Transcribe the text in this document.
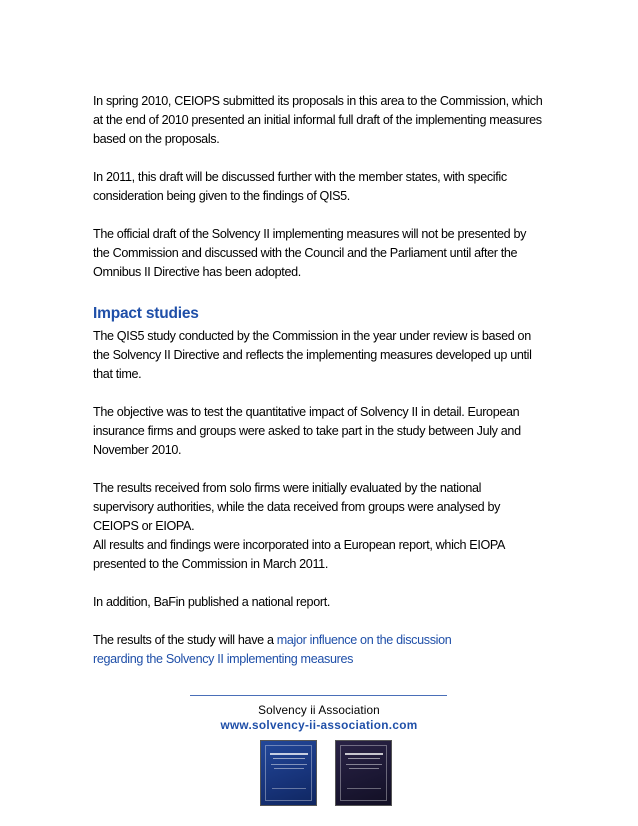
In spring 2010, CEIOPS submitted its proposals in this area to the Commission, which at the end of 2010 presented an initial informal full draft of the implementing measures based on the proposals.

In 2011, this draft will be discussed further with the member states, with specific consideration being given to the findings of QIS5.

The official draft of the Solvency II implementing measures will not be presented by the Commission and discussed with the Council and the Parliament until after the Omnibus II Directive has been adopted.

Impact studies

The QIS5 study conducted by the Commission in the year under review is based on the Solvency II Directive and reflects the implementing measures developed up until that time.

The objective was to test the quantitative impact of Solvency II in detail. European insurance firms and groups were asked to take part in the study between July and November 2010.

The results received from solo firms were initially evaluated by the national supervisory authorities, while the data received from groups were analysed by CEIOPS or EIOPA.

All results and findings were incorporated into a European report, which EIOPA presented to the Commission in March 2011.

In addition, BaFin published a national report.

The results of the study will have a major influence on the discussion
regarding the Solvency II implementing measures

Solvency ii Association
www.solvency-ii-association.com
